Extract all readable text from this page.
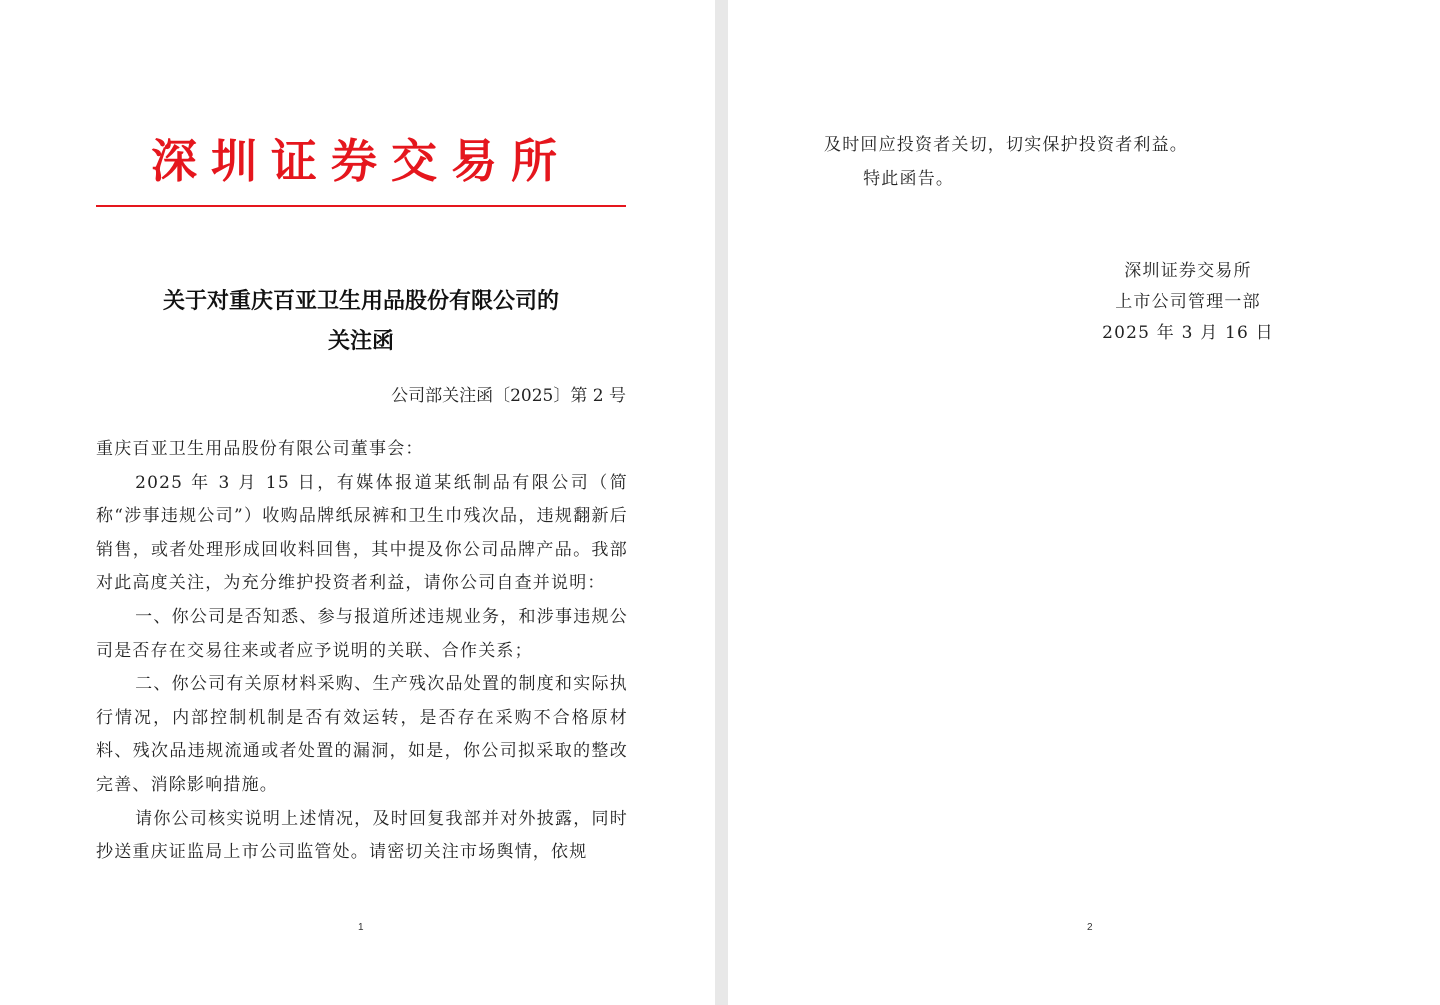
深圳证券交易所
关于对重庆百亚卫生用品股份有限公司的
关注函
公司部关注函〔2025〕第 2 号

重庆百亚卫生用品股份有限公司董事会：

2025 年 3 月 15 日，有媒体报道某纸制品有限公司（简称“涉事违规公司”）收购品牌纸尿裤和卫生巾残次品，违规翻新后销售，或者处理形成回收料回售，其中提及你公司品牌产品。我部对此高度关注，为充分维护投资者利益，请你公司自查并说明：

一、你公司是否知悉、参与报道所述违规业务，和涉事违规公司是否存在交易往来或者应予说明的关联、合作关系；

二、你公司有关原材料采购、生产残次品处置的制度和实际执行情况，内部控制机制是否有效运转，是否存在采购不合格原材料、残次品违规流通或者处置的漏洞，如是，你公司拟采取的整改完善、消除影响措施。

请你公司核实说明上述情况，及时回复我部并对外披露，同时抄送重庆证监局上市公司监管处。请密切关注市场舆情，依规

1

及时回应投资者关切，切实保护投资者利益。

特此函告。

深圳证券交易所
上市公司管理一部
2025 年 3 月 16 日
2
